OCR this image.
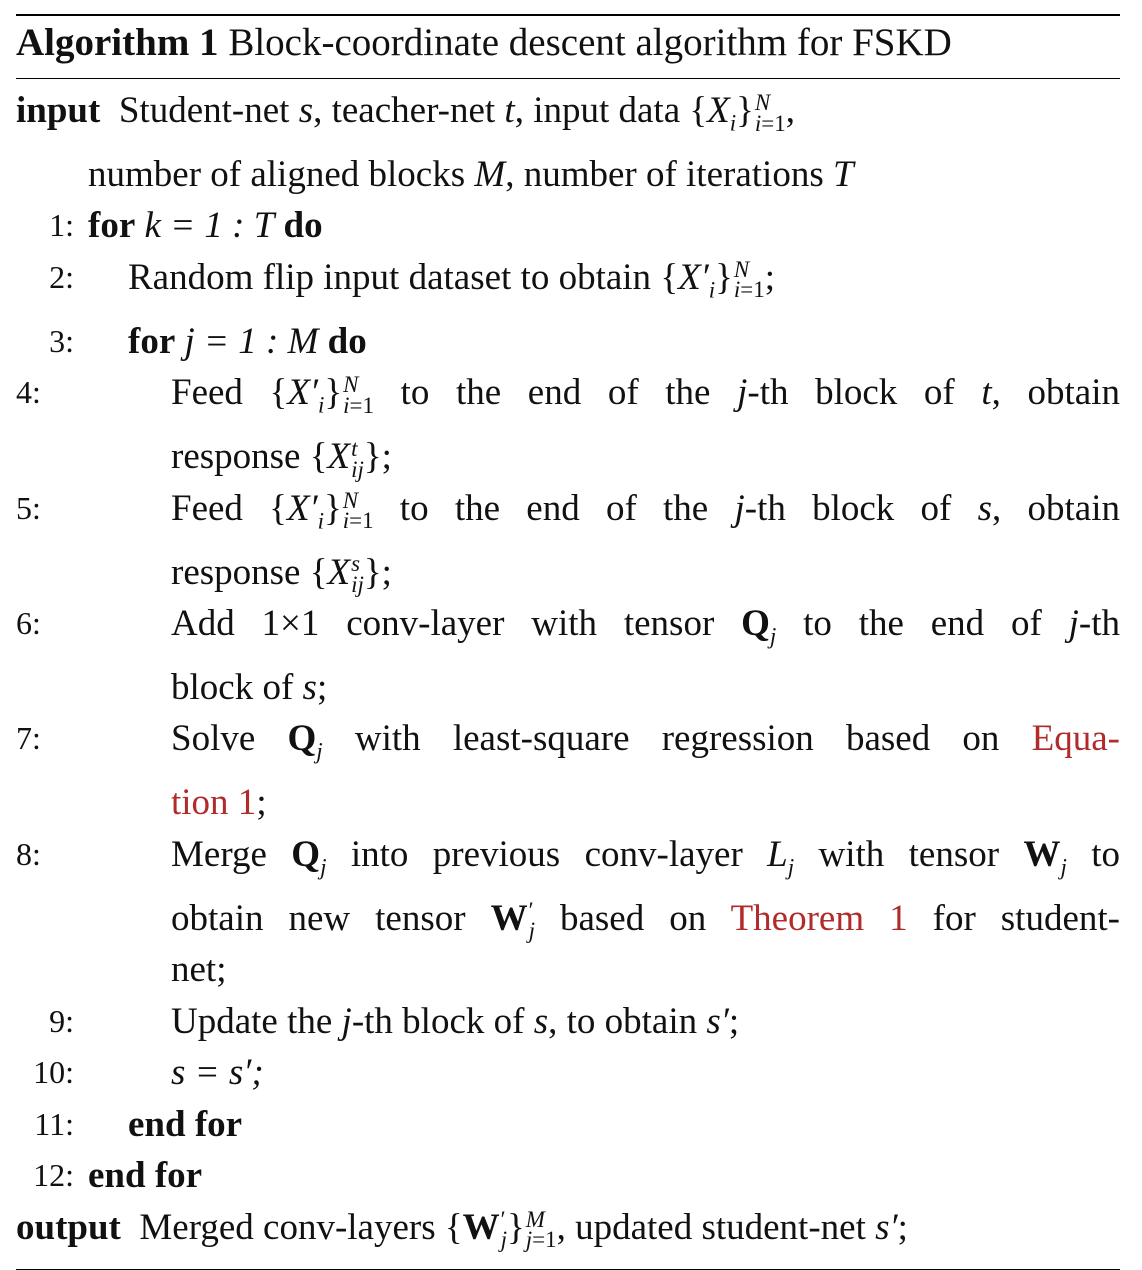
Algorithm 1 Block-coordinate descent algorithm for FSKD
input Student-net s, teacher-net t, input data $\{X_i\}$ N
i=1 ,
number of aligned blocks M, number of iterations T
1: for k = 1 : T do
2: Random flip input dataset to obtain $\{X'_i\}$ N
i=1 ;
3: for j = 1 : M do
4:	Feed $\{X'_i\}$ N
i=1 to the end of the j-th block of t, obtain
response {X t
ij };
5:	Feed $\{X'_i\}$ N
i=1 to the end of the j-th block of s, obtain
response {X s
ij };
6:	Add 1×1 conv-layer with tensor $Q_j$ to the end of j-th
block of s;
7:	Solve $Q_j$ with least-square regression based on Equa-
tion 1;
8:	Merge $Q_j$ into previous conv-layer $L_j$ with tensor $W_j$ to
obtain new tensor W ′
j based on Theorem 1 for student-
net;
9:	Update the j-th block of s, to obtain s′;
10:	s = s′;
11: end for
12: end for
output Merged conv-layers {W ′
j } M
j=1 , updated student-net s′;
